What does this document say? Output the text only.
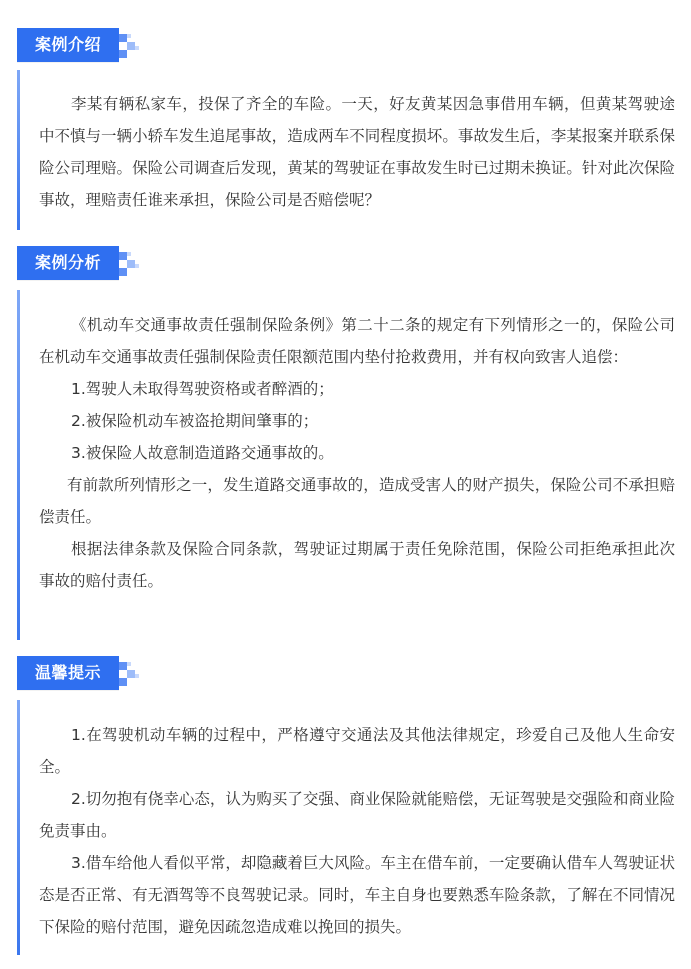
案例介绍

李某有辆私家车，投保了齐全的车险。一天，好友黄某因急事借用车辆，但黄某驾驶途中不慎与一辆小轿车发生追尾事故，造成两车不同程度损坏。事故发生后，李某报案并联系保险公司理赔。保险公司调查后发现，黄某的驾驶证在事故发生时已过期未换证。针对此次保险事故，理赔责任谁来承担，保险公司是否赔偿呢？

案例分析

《机动车交通事故责任强制保险条例》第二十二条的规定有下列情形之一的，保险公司在机动车交通事故责任强制保险责任限额范围内垫付抢救费用，并有权向致害人追偿：

1.驾驶人未取得驾驶资格或者醉酒的；

2.被保险机动车被盗抢期间肇事的；

3.被保险人故意制造道路交通事故的。

有前款所列情形之一，发生道路交通事故的，造成受害人的财产损失，保险公司不承担赔偿责任。

根据法律条款及保险合同条款，驾驶证过期属于责任免除范围，保险公司拒绝承担此次事故的赔付责任。

温馨提示

1.在驾驶机动车辆的过程中，严格遵守交通法及其他法律规定，珍爱自己及他人生命安全。

2.切勿抱有侥幸心态，认为购买了交强、商业保险就能赔偿，无证驾驶是交强险和商业险免责事由。

3.借车给他人看似平常，却隐藏着巨大风险。车主在借车前，一定要确认借车人驾驶证状态是否正常、有无酒驾等不良驾驶记录。同时，车主自身也要熟悉车险条款，了解在不同情况下保险的赔付范围，避免因疏忽造成难以挽回的损失。
